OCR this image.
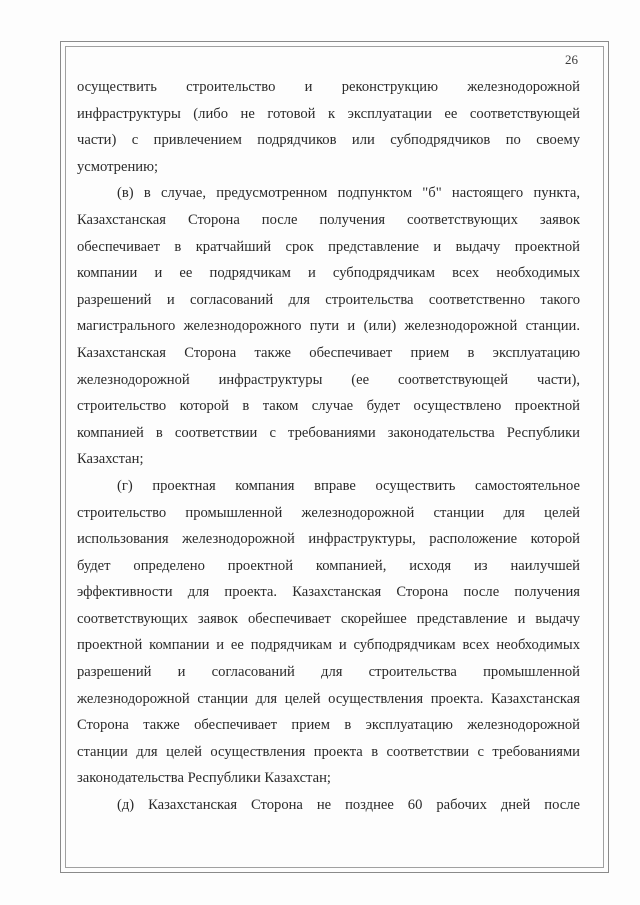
26
осуществить строительство и реконструкцию железнодорожной
инфраструктуры (либо не готовой к эксплуатации ее соответствующей
части) с привлечением подрядчиков или субподрядчиков по своему
усмотрению;
(в) в случае, предусмотренном подпунктом "б" настоящего пункта,
Казахстанская Сторона после получения соответствующих заявок
обеспечивает в кратчайший срок представление и выдачу проектной
компании и ее подрядчикам и субподрядчикам всех необходимых
разрешений и согласований для строительства соответственно такого
магистрального железнодорожного пути и (или) железнодорожной станции.
Казахстанская Сторона также обеспечивает прием в эксплуатацию
железнодорожной инфраструктуры (ее соответствующей части),
строительство которой в таком случае будет осуществлено проектной
компанией в соответствии с требованиями законодательства Республики
Казахстан;
(г) проектная компания вправе осуществить самостоятельное
строительство промышленной железнодорожной станции для целей
использования железнодорожной инфраструктуры, расположение которой
будет определено проектной компанией, исходя из наилучшей
эффективности для проекта. Казахстанская Сторона после получения
соответствующих заявок обеспечивает скорейшее представление и выдачу
проектной компании и ее подрядчикам и субподрядчикам всех необходимых
разрешений и согласований для строительства промышленной
железнодорожной станции для целей осуществления проекта. Казахстанская
Сторона также обеспечивает прием в эксплуатацию железнодорожной
станции для целей осуществления проекта в соответствии с требованиями
законодательства Республики Казахстан;
(д) Казахстанская Сторона не позднее 60 рабочих дней после
